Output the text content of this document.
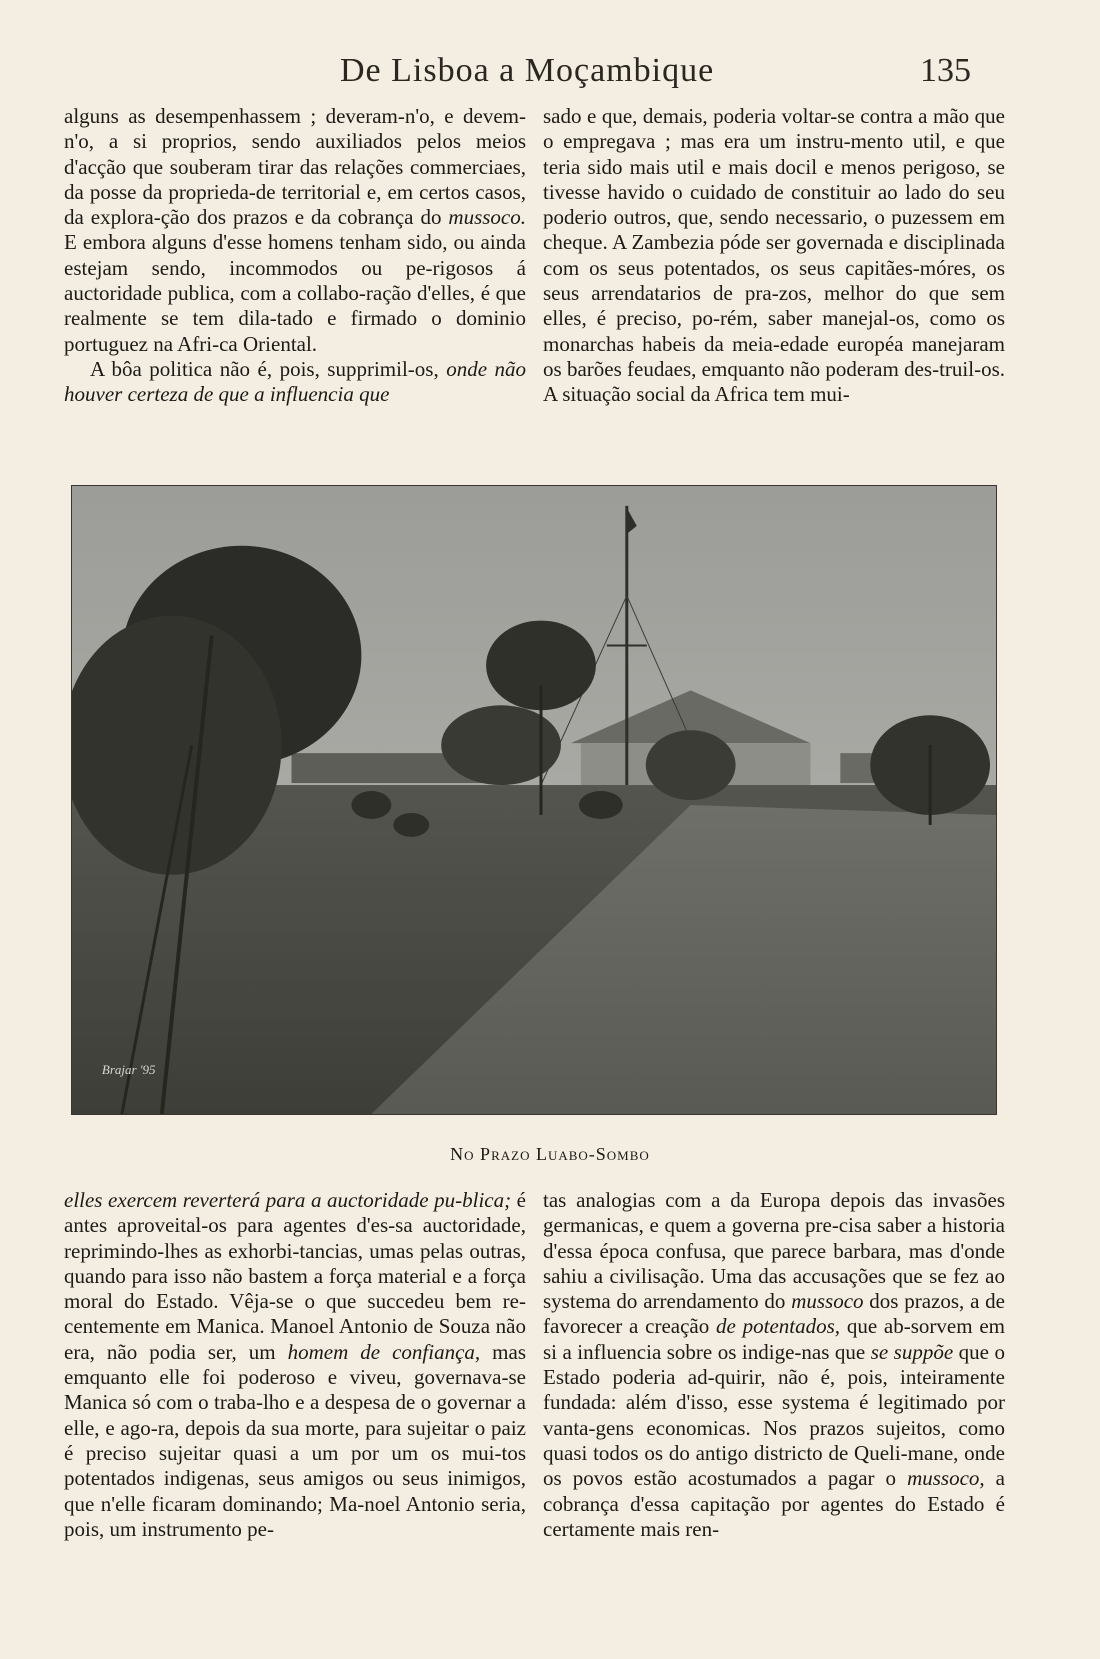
De Lisboa a Moçambique	135

alguns as desempenhassem ; deveram-n'o, e devem-n'o, a si proprios, sendo auxiliados pelos meios d'acção que souberam tirar das relações commerciaes, da posse da proprieda-de territorial e, em certos casos, da explora-ção dos prazos e da cobrança do mussoco. E embora alguns d'esse homens tenham sido, ou ainda estejam sendo, incommodos ou pe-rigosos á auctoridade publica, com a collabo-ração d'elles, é que realmente se tem dila-tado e firmado o dominio portuguez na Afri-ca Oriental.

A bôa politica não é, pois, supprimil-os, onde não houver certeza de que a influencia que

sado e que, demais, poderia voltar-se contra a mão que o empregava ; mas era um instru-mento util, e que teria sido mais util e mais docil e menos perigoso, se tivesse havido o cuidado de constituir ao lado do seu poderio outros, que, sendo necessario, o puzessem em cheque. A Zambezia póde ser governada e disciplinada com os seus potentados, os seus capitães-móres, os seus arrendatarios de pra-zos, melhor do que sem elles, é preciso, po-rém, saber manejal-os, como os monarchas habeis da meia-edade européa manejaram os barões feudaes, emquanto não poderam des-truil-os. A situação social da Africa tem mui-

Brajar '95
No Prazo Luabo-Sombo

elles exercem reverterá para a auctoridade pu-blica; é antes aproveital-os para agentes d'es-sa auctoridade, reprimindo-lhes as exhorbi-tancias, umas pelas outras, quando para isso não bastem a força material e a força moral do Estado. Vêja-se o que succedeu bem re-centemente em Manica. Manoel Antonio de Souza não era, não podia ser, um homem de confiança, mas emquanto elle foi poderoso e viveu, governava-se Manica só com o traba-lho e a despesa de o governar a elle, e ago-ra, depois da sua morte, para sujeitar o paiz é preciso sujeitar quasi a um por um os mui-tos potentados indigenas, seus amigos ou seus inimigos, que n'elle ficaram dominando; Ma-noel Antonio seria, pois, um instrumento pe-

tas analogias com a da Europa depois das invasões germanicas, e quem a governa pre-cisa saber a historia d'essa época confusa, que parece barbara, mas d'onde sahiu a civilisação. Uma das accusações que se fez ao systema do arrendamento do mussoco dos prazos, a de favorecer a creação de potentados, que ab-sorvem em si a influencia sobre os indige-nas que se suppõe que o Estado poderia ad-quirir, não é, pois, inteiramente fundada: além d'isso, esse systema é legitimado por vanta-gens economicas. Nos prazos sujeitos, como quasi todos os do antigo districto de Queli-mane, onde os povos estão acostumados a pagar o mussoco, a cobrança d'essa capitação por agentes do Estado é certamente mais ren-
